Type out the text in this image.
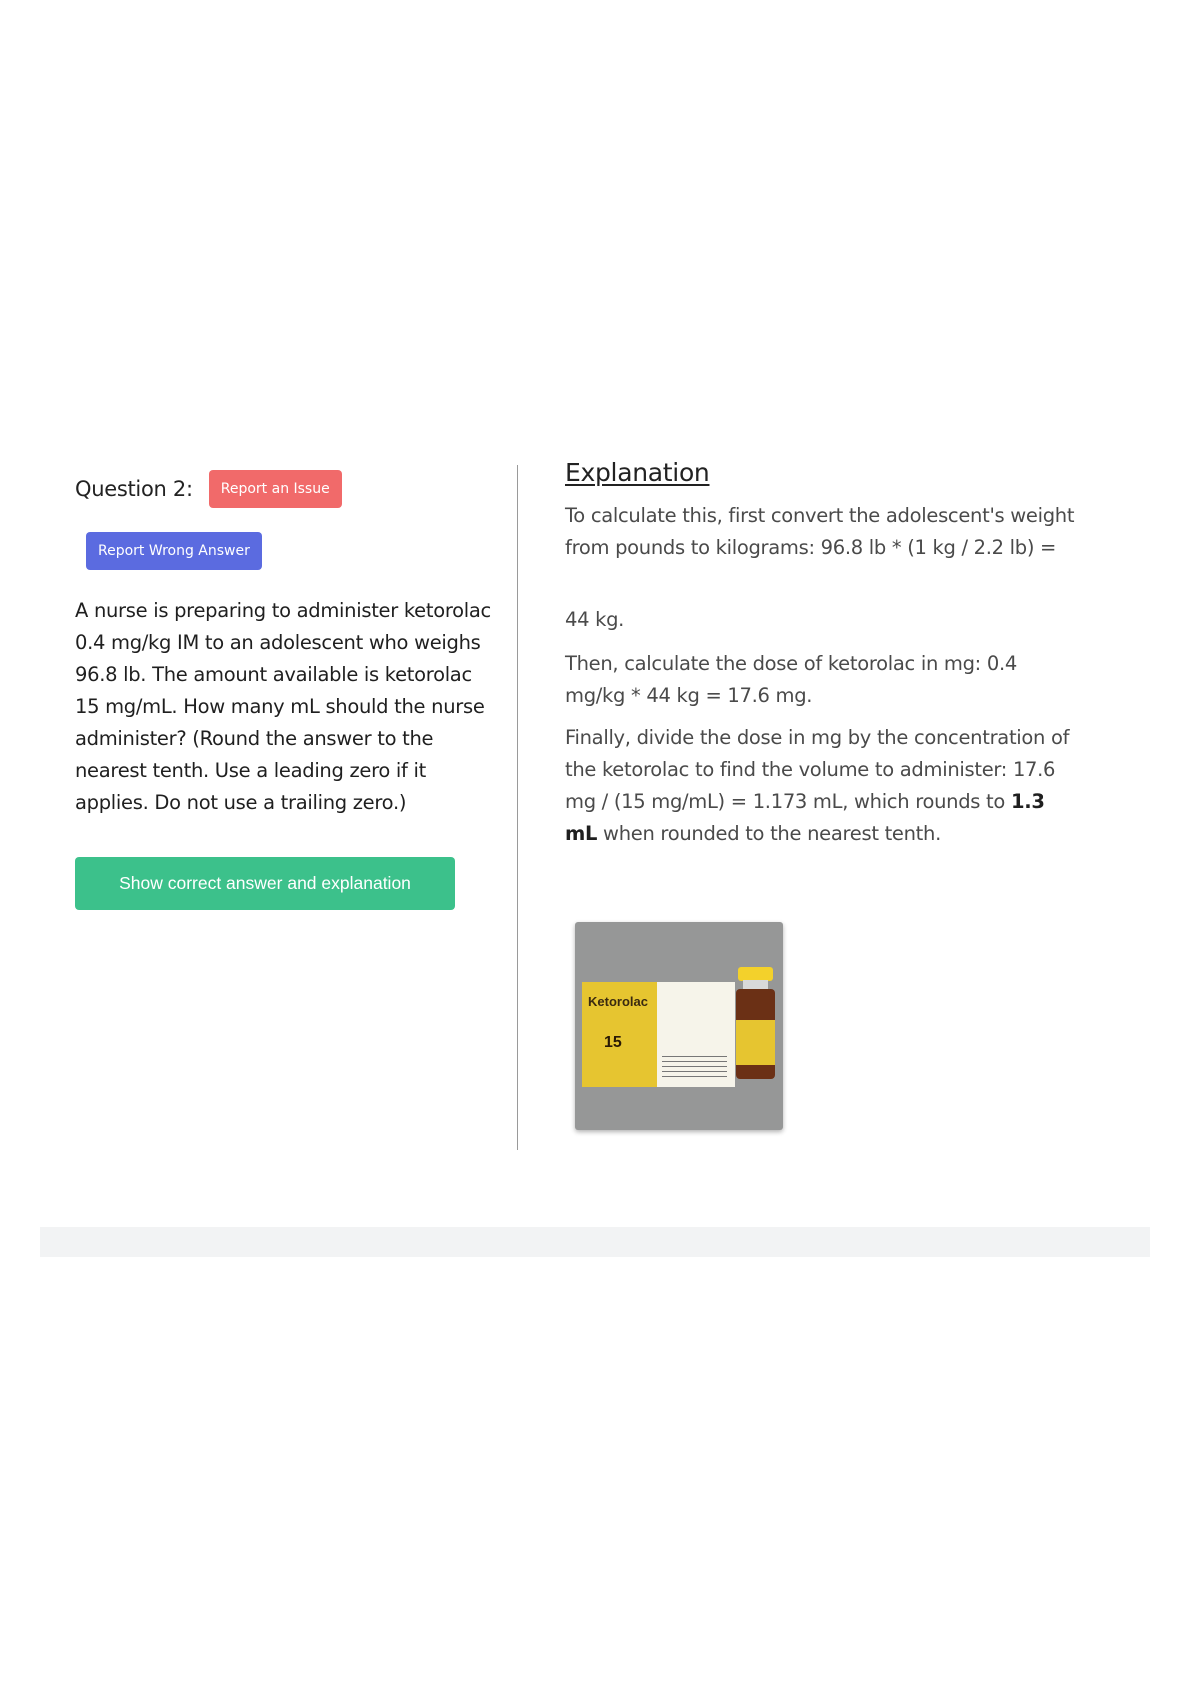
Question 2:	Report an Issue
Report Wrong Answer
A nurse is preparing to administer ketorolac 0.4 mg/kg IM to an adolescent who weighs 96.8 lb. The amount available is ketorolac 15 mg/mL. How many mL should the nurse administer? (Round the answer to the nearest tenth. Use a leading zero if it applies. Do not use a trailing zero.)
Show correct answer and explanation
Explanation

To calculate this, first convert the adolescent's weight from pounds to kilograms: 96.8 lb * (1 kg / 2.2 lb) =

44 kg.

Then, calculate the dose of ketorolac in mg: 0.4 mg/kg * 44 kg = 17.6 mg.

Finally, divide the dose in mg by the concentration of the ketorolac to find the volume to administer: 17.6 mg / (15 mg/mL) = 1.173 mL, which rounds to 1.3 mL when rounded to the nearest tenth.

Ketorolac
15
